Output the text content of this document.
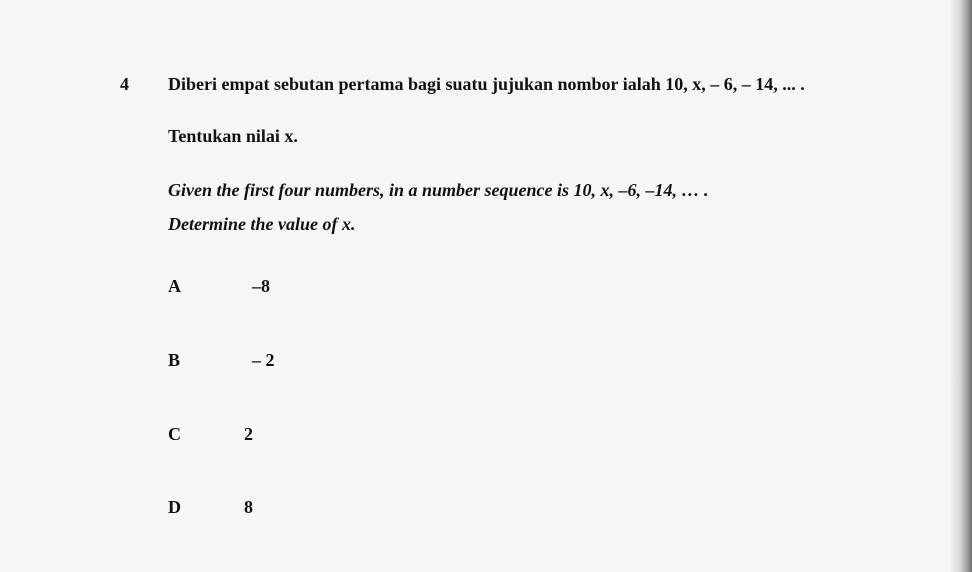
4 Diberi empat sebutan pertama bagi suatu jujukan nombor ialah 10, x, – 6, – 14, ... .
Tentukan nilai x.
Given the first four numbers, in a number sequence is 10, x, –6, –14, … .
Determine the value of x.
A	–8
B	– 2
C	2
D	8
